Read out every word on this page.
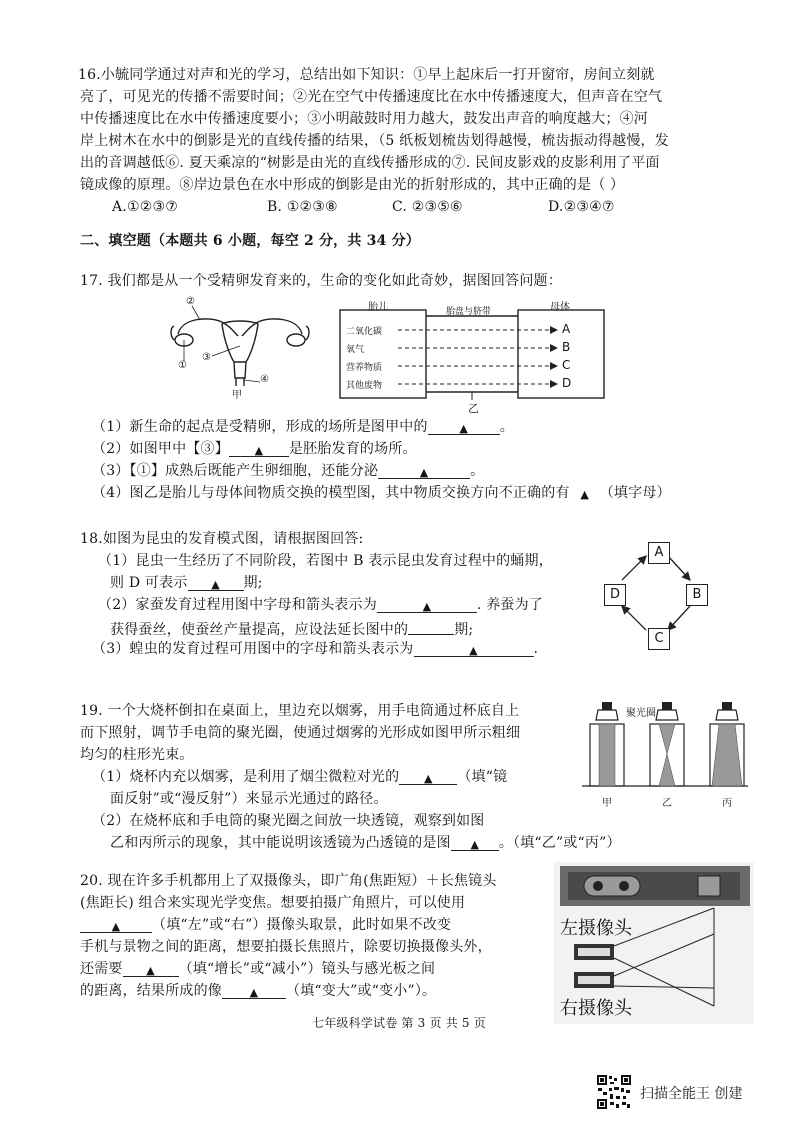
16.小毓同学通过对声和光的学习，总结出如下知识：①早上起床后一打开窗帘，房间立刻就
亮了，可见光的传播不需要时间；②光在空气中传播速度比在水中传播速度大，但声音在空气
中传播速度比在水中传播速度要小；③小明敲鼓时用力越大，鼓发出声音的响度越大；④河
岸上树木在水中的倒影是光的直线传播的结果，（5 纸板划梳齿划得越慢，梳齿振动得越慢，发
出的音调越低⑥. 夏天乘凉的“树影是由光的直线传播形成的⑦. 民间皮影戏的皮影利用了平面
镜成像的原理。⑧岸边景色在水中形成的倒影是由光的折射形成的，其中正确的是（ ）
A.①②③⑦	B. ①②③⑧	C. ②③⑤⑥	D.②③④⑦
二、填空题（本题共 6 小题，每空 2 分，共 34 分）
17. 我们都是从一个受精卵发育来的，生命的变化如此奇妙，据图回答问题：
②
①
③
④
甲
胎儿	胎盘与脐带	母体
二氧化碳
氧气
营养物质
其他废物
A
B
C
D
乙
（1）新生命的起点是受精卵，形成的场所是图甲中的	▲ 。
（2）如图甲中【③】 ▲ 是胚胎发育的场所。
（3）【①】成熟后既能产生卵细胞，还能分泌	▲	。
（4）图乙是胎儿与母体间物质交换的模型图，其中物质交换方向不正确的有 ▲ （填字母）
18.如图为昆虫的发育模式图，请根据图回答:
（1）昆虫一生经历了不同阶段，若图中 B 表示昆虫发育过程中的蛹期，
则 D 可表示 ▲ 期;
（2）家蚕发育过程用图中字母和箭头表示为	▲	. 养蚕为了
获得蚕丝，使蚕丝产量提高，应设法延长图中的	期;
（3）蝗虫的发育过程可用图中的字母和箭头表示为	▲	.
A
B
C
D
19. 一个大烧杯倒扣在桌面上，里边充以烟雾，用手电筒通过杯底自上
而下照射，调节手电筒的聚光圈，使通过烟雾的光形成如图甲所示粗细
均匀的柱形光束。
（1）烧杯内充以烟雾，是利用了烟尘微粒对光的 ▲ （填“镜
面反射”或“漫反射”）来显示光通过的路径。
（2）在烧杯底和手电筒的聚光圈之间放一块透镜，观察到如图
乙和丙所示的现象，其中能说明该透镜为凸透镜的是图 ▲ 。（填“乙”或“丙”）
聚光圈
甲	乙	丙
20. 现在许多手机都用上了双摄像头，即广角(焦距短）＋长焦镜头
(焦距长) 组合来实现光学变焦。想要拍摄广角照片，可以使用
▲ （填“左”或“右”）摄像头取景，此时如果不改变
手机与景物之间的距离，想要拍摄长焦照片，除要切换摄像头外，
还需要 ▲ （填“增长”或“减小”）镜头与感光板之间
的距离，结果所成的像	▲ （填“变大”或“变小”）。
左摄像头
右摄像头
七年级科学试卷 第 3 页 共 5 页
扫描全能王 创建
